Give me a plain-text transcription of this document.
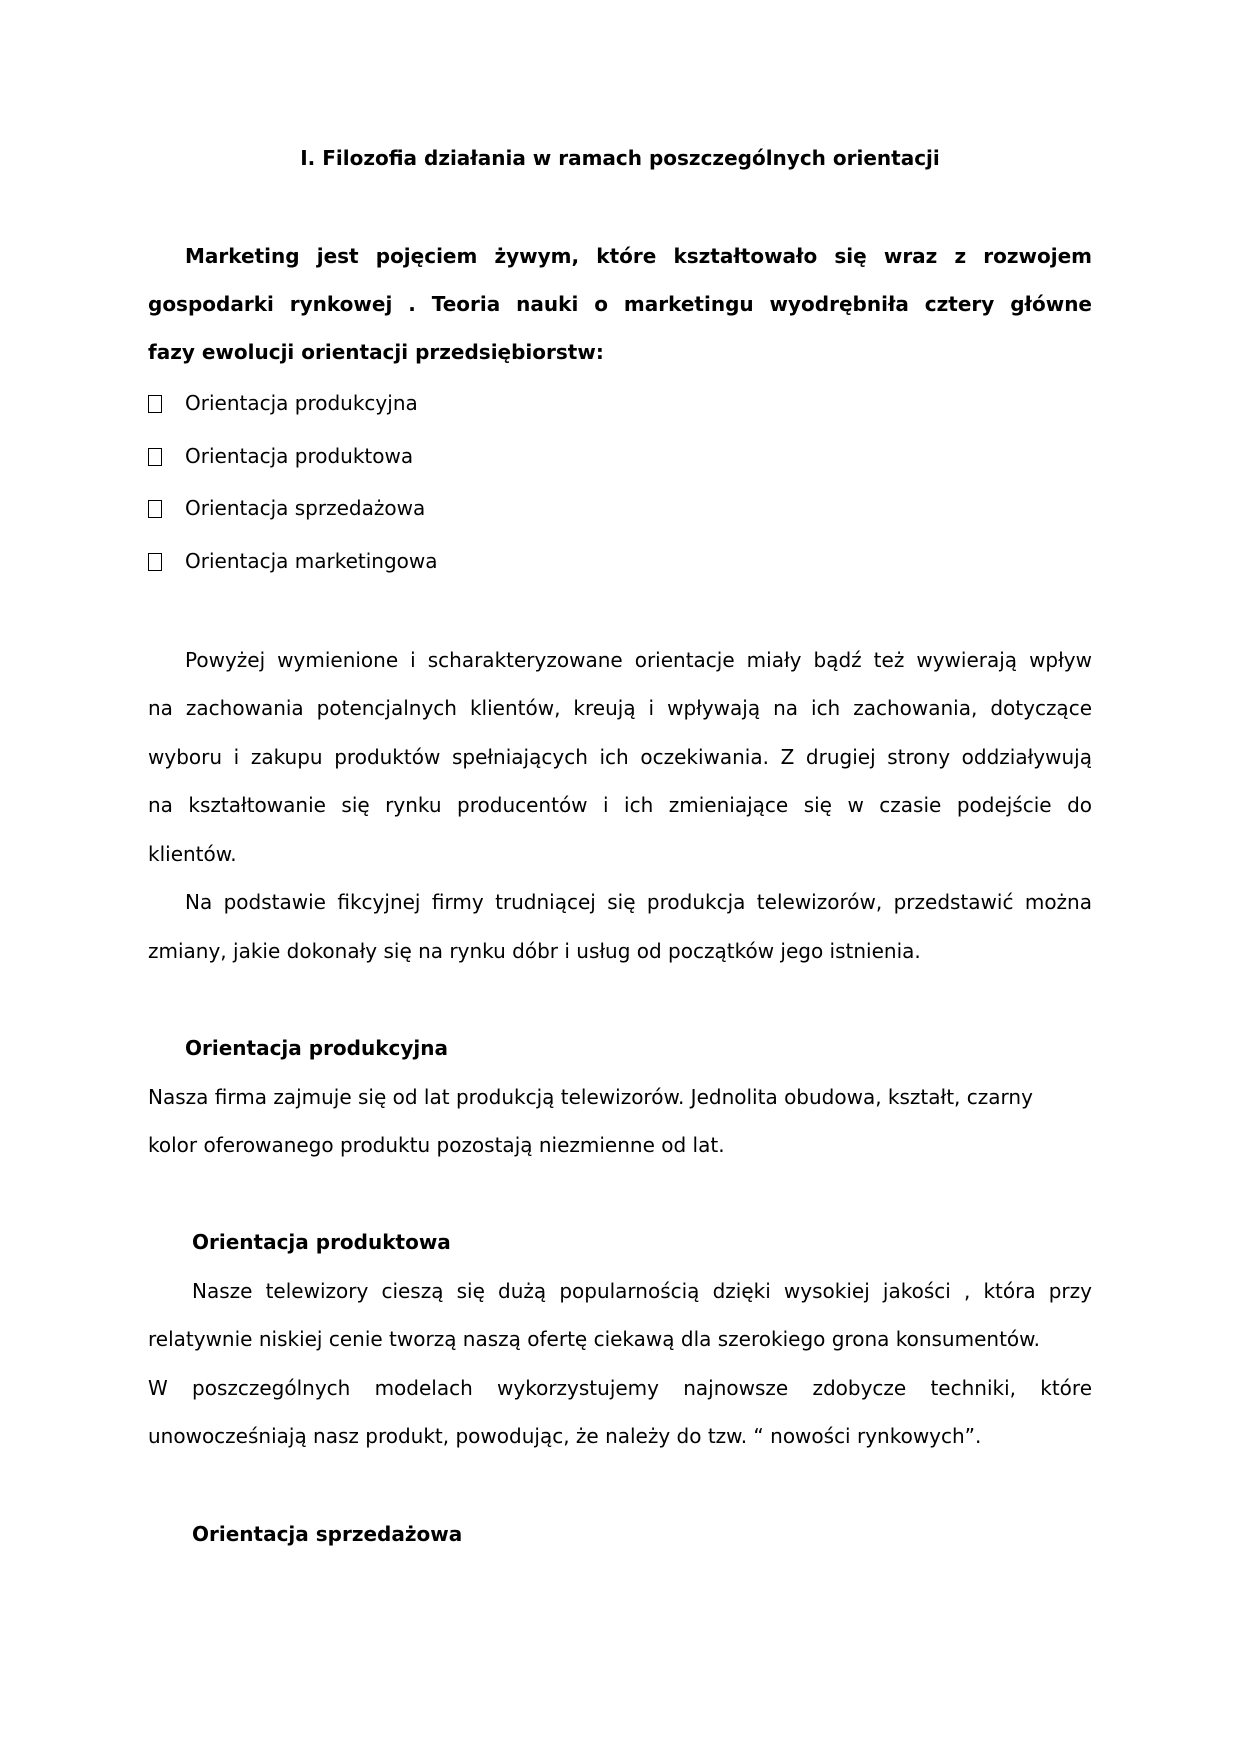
I. Filozofia działania w ramach poszczególnych orientacji
Marketing jest pojęciem żywym, które kształtowało się wraz z rozwojem
gospodarki rynkowej . Teoria nauki o marketingu wyodrębniła cztery główne
fazy ewolucji orientacji przedsiębiorstw:
Orientacja produkcyjna
Orientacja produktowa
Orientacja sprzedażowa
Orientacja marketingowa
Powyżej wymienione i scharakteryzowane orientacje miały bądź też wywierają wpływ
na zachowania potencjalnych klientów, kreują i wpływają na ich zachowania, dotyczące
wyboru i zakupu produktów spełniających ich oczekiwania. Z drugiej strony oddziaływują
na kształtowanie się rynku producentów i ich zmieniające się w czasie podejście do
klientów.
Na podstawie fikcyjnej firmy trudniącej się produkcja telewizorów, przedstawić można
zmiany, jakie dokonały się na rynku dóbr i usług od początków jego istnienia.
Orientacja produkcyjna
Nasza firma zajmuje się od lat produkcją telewizorów. Jednolita obudowa, kształt, czarny
kolor oferowanego produktu pozostają niezmienne od lat.
Orientacja produktowa
Nasze telewizory cieszą się dużą popularnością dzięki wysokiej jakości , która przy
relatywnie niskiej cenie tworzą naszą ofertę ciekawą dla szerokiego grona konsumentów.
W poszczególnych modelach wykorzystujemy najnowsze zdobycze techniki, które
unowocześniają nasz produkt, powodując, że należy do tzw. “ nowości rynkowych”.
Orientacja sprzedażowa
